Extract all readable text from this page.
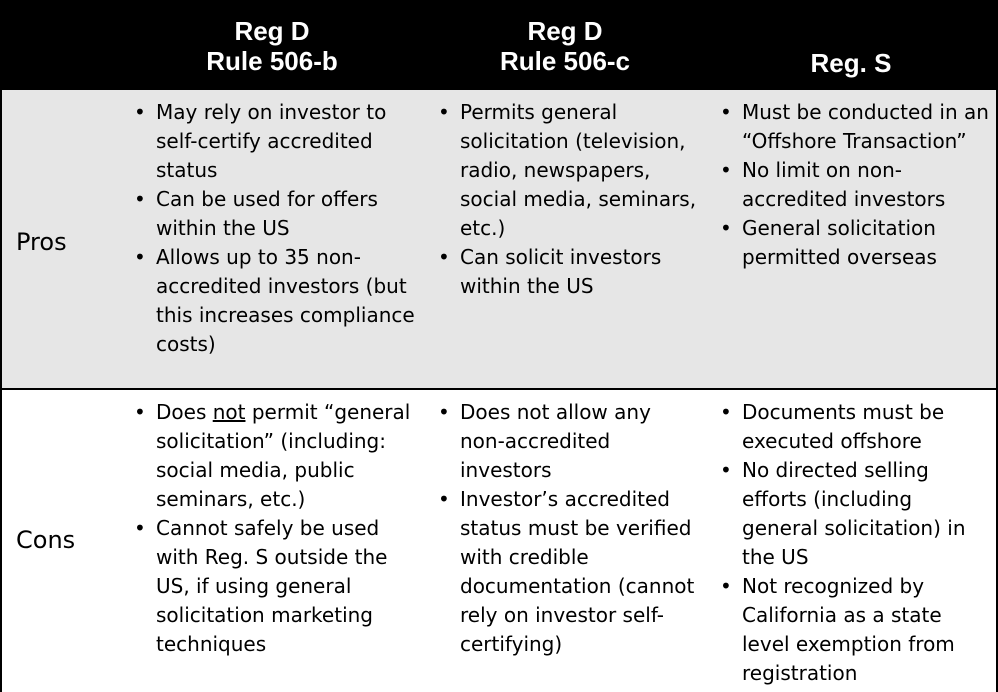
Reg D
Rule 506-b
Reg D
Rule 506-c	Reg. S
Pros
• May rely on investor to self-certify accredited status
• Can be used for offers within the US
• Allows up to 35 non-accredited investors (but this increases compliance costs)
• Permits general solicitation (television, radio, newspapers, social media, seminars, etc.)
• Can solicit investors within the US
• Must be conducted in an “Offshore Transaction”
• No limit on non-accredited investors
• General solicitation permitted overseas
Cons
• Does not permit “general solicitation” (including: social media, public seminars, etc.)
• Cannot safely be used with Reg. S outside the US, if using general solicitation marketing techniques
• Does not allow any non-accredited investors
• Investor’s accredited status must be verified with credible documentation (cannot rely on investor self-certifying)
• Documents must be executed offshore
• No directed selling efforts (including general solicitation) in the US
• Not recognized by California as a state level exemption from registration
